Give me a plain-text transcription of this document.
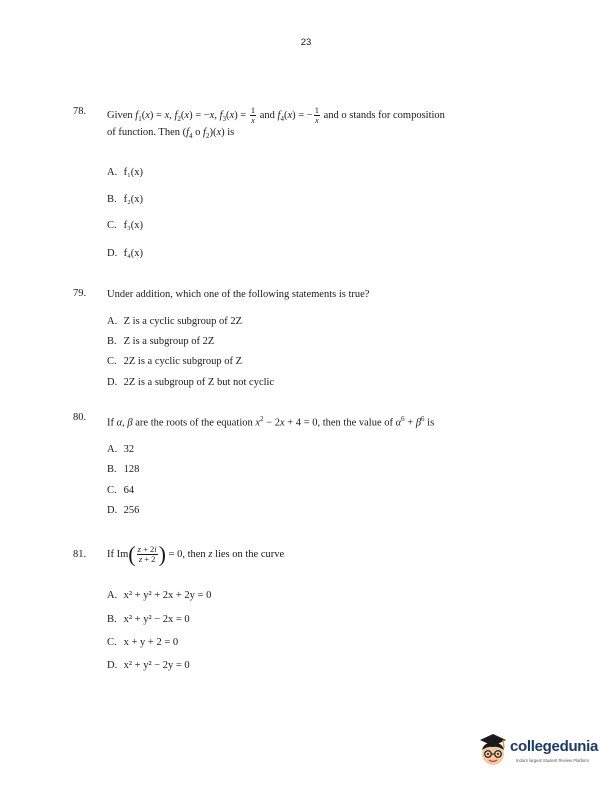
23
78. Given $f_1(x) = x$, $f_2(x) = -x$, $f_3(x) = \frac{1}{x}$ and $f_4(x)$ = − $\frac{1}{x}$ and o stands for composition
of function. Then ($f_4$ o $f_2)(x)$ is
A. f₁(x)
B. f₂(x)
C. f₃(x)
D. f₄(x)
79. Under addition, which one of the following statements is true?
A. Z is a cyclic subgroup of 2Z
B. Z is a subgroup of 2Z
C. 2Z is a cyclic subgroup of Z
D. 2Z is a subgroup of Z but not cyclic
80. If α, β are the roots of the equation $x^2 - 2x + 4 = 0$, then the value of $\alpha^6 + \beta^6$ is
A. 32
B. 128
C. 64
D. 256
81. If $Im( \frac{z + 2i}{z + 2}$ ) = 0, then z lies on the curve
A. x² + y² + 2x + 2y = 0
B. x² + y² − 2x = 0
C. x + y + 2 = 0
D. x² + y² − 2y = 0
collegedunia
India's largest Student Review Platform
